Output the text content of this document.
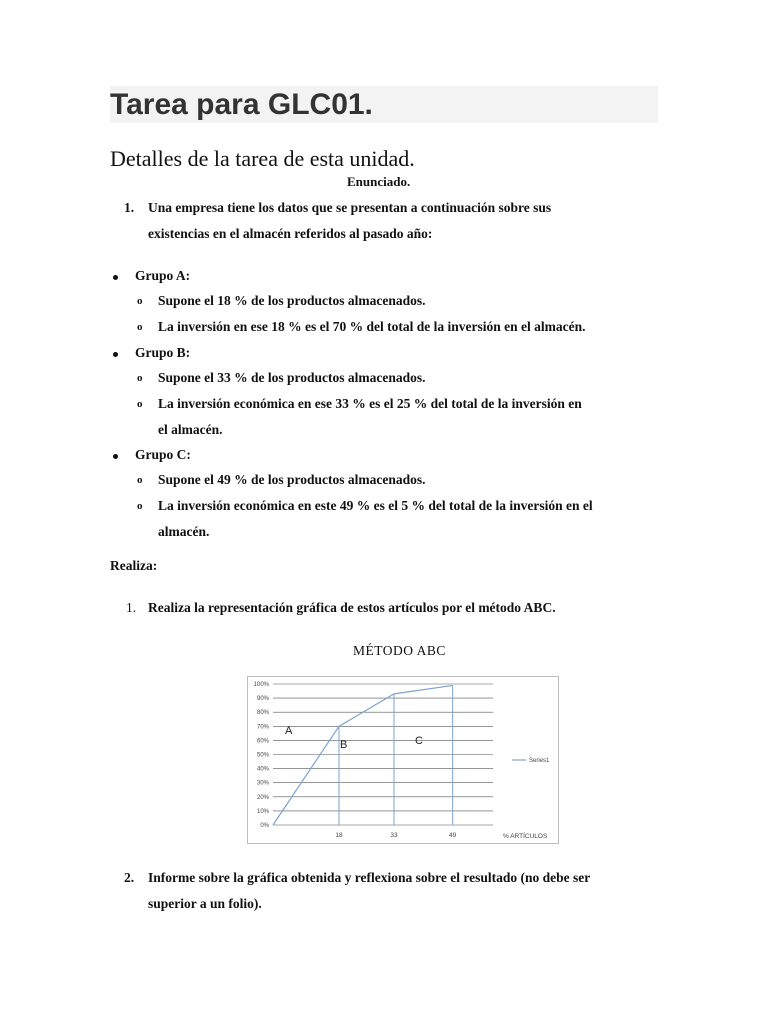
Tarea para GLC01.
Detalles de la tarea de esta unidad.
Enunciado.
1. Una empresa tiene los datos que se presentan a continuación sobre sus
existencias en el almacén referidos al pasado año:
Grupo A:
o Supone el 18 % de los productos almacenados.
o La inversión en ese 18 % es el 70 % del total de la inversión en el almacén.
Grupo B:
o Supone el 33 % de los productos almacenados.
o La inversión económica en ese 33 % es el 25 % del total de la inversión en
el almacén.
Grupo C:
o Supone el 49 % de los productos almacenados.
o La inversión económica en este 49 % es el 5 % del total de la inversión en el
almacén.
Realiza:
1. Realiza la representación gráfica de estos artículos por el método ABC.
MÉTODO ABC
0%
10%
20%
30%
40%
50%
60%
70%
80%
90%
100%
18	33	49	% ARTÍCULOS
A
B	C
Series1
2. Informe sobre la gráfica obtenida y reflexiona sobre el resultado (no debe ser
superior a un folio).
